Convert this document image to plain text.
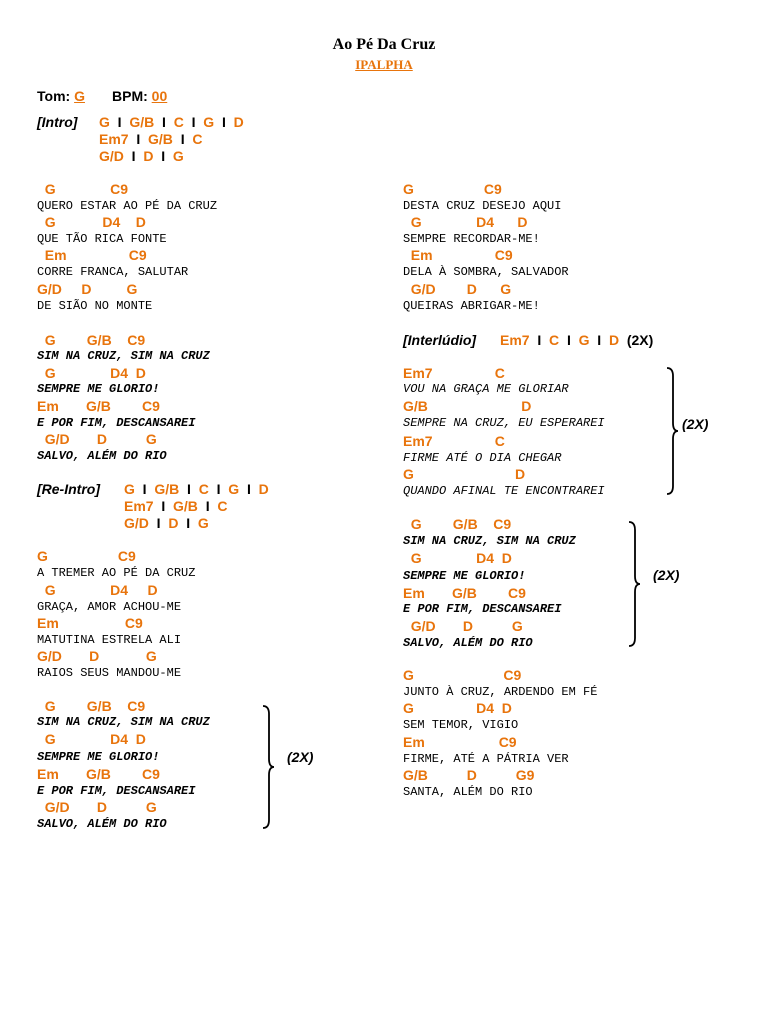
Ao Pé Da Cruz
IPALPHA
Tom: G BPM: 00
[Intro] G I G/B I C I G I D
Em7 I G/B I C
G/D I D I G
G              C9
QUERO ESTAR AO PÉ DA CRUZ
G            D4    D
QUE TÃO RICA FONTE
Em                C9
CORRE FRANCA, SALUTAR
G/D     D         G
DE SIÃO NO MONTE
G        G/B    C9
SIM NA CRUZ, SIM NA CRUZ
G              D4  D
SEMPRE ME GLORIO!
Em       G/B        C9
E POR FIM, DESCANSAREI
G/D       D          G
SALVO, ALÉM DO RIO
[Re-Intro] G I G/B I C I G I D
Em7 I G/B I C
G/D I D I G
G                  C9
A TREMER AO PÉ DA CRUZ
G              D4     D
GRAÇA, AMOR ACHOU-ME
Em                 C9
MATUTINA ESTRELA ALI
G/D       D            G
RAIOS SEUS MANDOU-ME
G        G/B    C9
SIM NA CRUZ, SIM NA CRUZ
G              D4  D
SEMPRE ME GLORIO!
Em       G/B        C9
E POR FIM, DESCANSAREI
G/D       D          G
SALVO, ALÉM DO RIO
(2X)
G                  C9
DESTA CRUZ DESEJO AQUI
G              D4      D
SEMPRE RECORDAR-ME!
Em                C9
DELA À SOMBRA, SALVADOR
G/D        D      G
QUEIRAS ABRIGAR-ME!
[Interlúdio] Em7 I C I G I D (2X)
Em7                C
VOU NA GRAÇA ME GLORIAR
G/B                        D
SEMPRE NA CRUZ, EU ESPERAREI
Em7                C
FIRME ATÉ O DIA CHEGAR
G                          D
QUANDO AFINAL TE ENCONTRAREI
(2X)
G        G/B    C9
SIM NA CRUZ, SIM NA CRUZ
G              D4  D
SEMPRE ME GLORIO!
Em       G/B        C9
E POR FIM, DESCANSAREI
G/D       D          G
SALVO, ALÉM DO RIO
(2X)
G                       C9
JUNTO À CRUZ, ARDENDO EM FÉ
G                D4  D
SEM TEMOR, VIGIO
Em                   C9
FIRME, ATÉ A PÁTRIA VER
G/B          D          G9
SANTA, ALÉM DO RIO
